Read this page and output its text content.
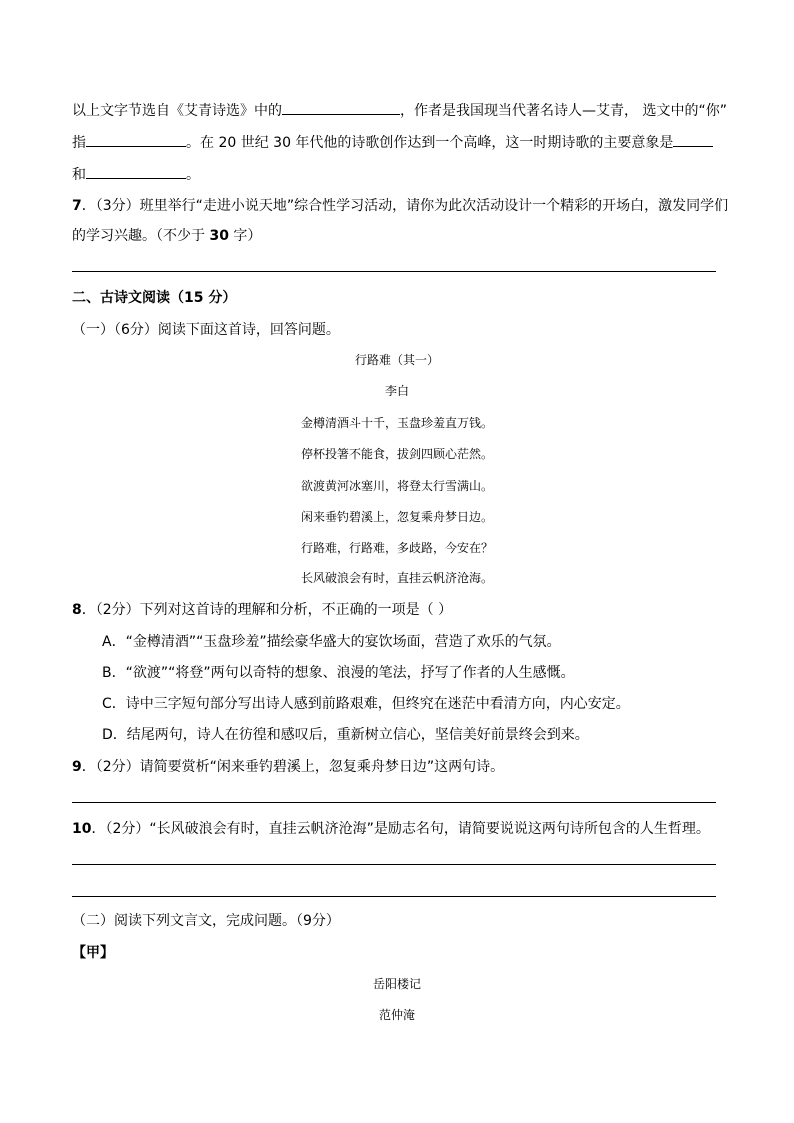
以上文字节选自《艾青诗选》中的	，作者是我国现当代著名诗人—艾青， 选文中的“你”
指	。在 20 世纪 30 年代他的诗歌创作达到一个高峰，这一时期诗歌的主要意象是
和	。
7．（3分）班里举行“走进小说天地”综合性学习活动，请你为此次活动设计一个精彩的开场白，激发同学们
的学习兴趣。（不少于 30 字）
二、古诗文阅读（15 分）
（一）（6分）阅读下面这首诗，回答问题。
行路难（其一）
李白
金樽清酒斗十千，玉盘珍羞直万钱。
停杯投箸不能食，拔剑四顾心茫然。
欲渡黄河冰塞川，将登太行雪满山。
闲来垂钓碧溪上，忽复乘舟梦日边。
行路难，行路难，多歧路，今安在？
长风破浪会有时，直挂云帆济沧海。
8．（2分）下列对这首诗的理解和分析，不正确的一项是（ ）
A．“金樽清酒”“玉盘珍羞”描绘豪华盛大的宴饮场面，营造了欢乐的气氛。
B．“欲渡”“将登”两句以奇特的想象、浪漫的笔法，抒写了作者的人生感慨。
C．诗中三字短句部分写出诗人感到前路艰难，但终究在迷茫中看清方向，内心安定。
D．结尾两句，诗人在彷徨和感叹后，重新树立信心，坚信美好前景终会到来。
9．（2分）请简要赏析“闲来垂钓碧溪上，忽复乘舟梦日边”这两句诗。
10．（2分）“长风破浪会有时，直挂云帆济沧海”是励志名句，请简要说说这两句诗所包含的人生哲理。
（二）阅读下列文言文，完成问题。（9分）
【甲】
岳阳楼记
范仲淹
